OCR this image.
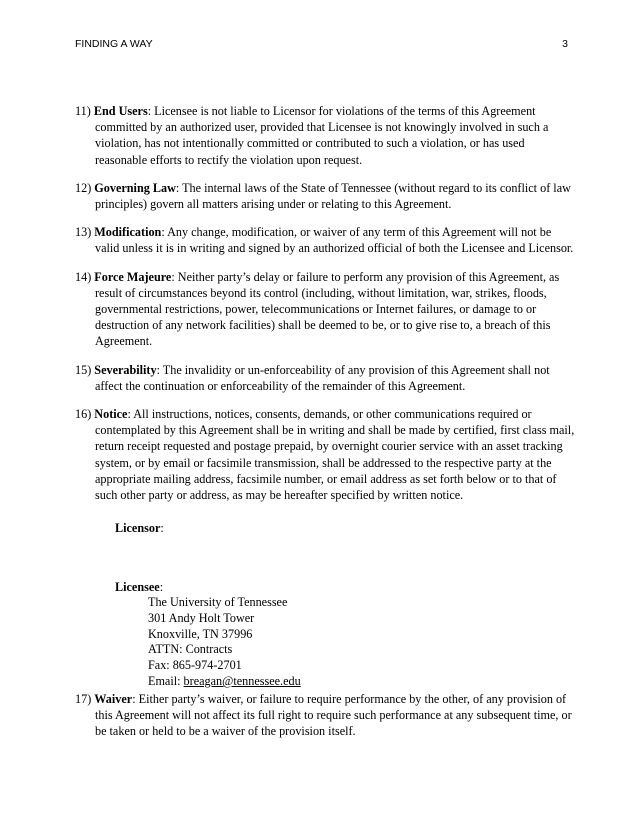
FINDING A WAY	3

11) End Users: Licensee is not liable to Licensor for violations of the terms of this Agreement committed by an authorized user, provided that Licensee is not knowingly involved in such a violation, has not intentionally committed or contributed to such a violation, or has used reasonable efforts to rectify the violation upon request.

12) Governing Law: The internal laws of the State of Tennessee (without regard to its conflict of law principles) govern all matters arising under or relating to this Agreement.

13) Modification: Any change, modification, or waiver of any term of this Agreement will not be valid unless it is in writing and signed by an authorized official of both the Licensee and Licensor.

14) Force Majeure: Neither party’s delay or failure to perform any provision of this Agreement, as result of circumstances beyond its control (including, without limitation, war, strikes, floods, governmental restrictions, power, telecommunications or Internet failures, or damage to or destruction of any network facilities) shall be deemed to be, or to give rise to, a breach of this Agreement.

15) Severability: The invalidity or un-enforceability of any provision of this Agreement shall not affect the continuation or enforceability of the remainder of this Agreement.

16) Notice: All instructions, notices, consents, demands, or other communications required or contemplated by this Agreement shall be in writing and shall be made by certified, first class mail, return receipt requested and postage prepaid, by overnight courier service with an asset tracking system, or by email or facsimile transmission, shall be addressed to the respective party at the appropriate mailing address, facsimile number, or email address as set forth below or to that of such other party or address, as may be hereafter specified by written notice.

Licensor:
Licensee:
The University of Tennessee
301 Andy Holt Tower
Knoxville, TN 37996
ATTN: Contracts
Fax: 865-974-2701
Email: breagan@tennessee.edu

17) Waiver: Either party’s waiver, or failure to require performance by the other, of any provision of this Agreement will not affect its full right to require such performance at any subsequent time, or be taken or held to be a waiver of the provision itself.
